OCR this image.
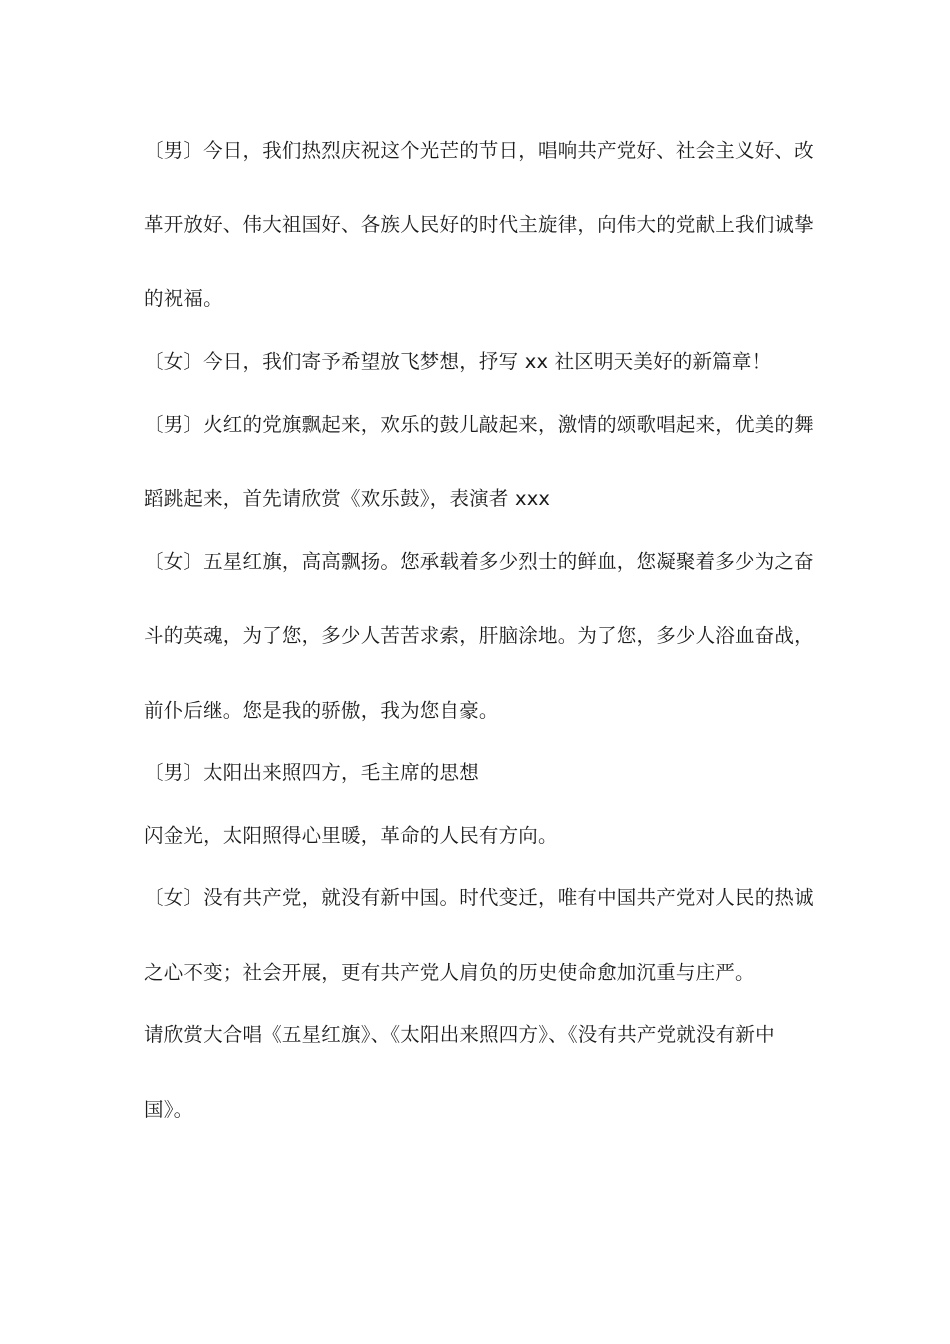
〔男〕今日，我们热烈庆祝这个光芒的节日，唱响共产党好、社会主义好、改
革开放好、伟大祖国好、各族人民好的时代主旋律，向伟大的党献上我们诚挚
的祝福。
〔女〕今日，我们寄予希望放飞梦想，抒写 xx 社区明天美好的新篇章！
〔男〕火红的党旗飘起来，欢乐的鼓儿敲起来，激情的颂歌唱起来，优美的舞
蹈跳起来，首先请欣赏《欢乐鼓》，表演者 xxx
〔女〕五星红旗，高高飘扬。您承载着多少烈士的鲜血，您凝聚着多少为之奋
斗的英魂，为了您，多少人苦苦求索，肝脑涂地。为了您，多少人浴血奋战，
前仆后继。您是我的骄傲，我为您自豪。
〔男〕太阳出来照四方，毛主席的思想
闪金光，太阳照得心里暖，革命的人民有方向。
〔女〕没有共产党，就没有新中国。时代变迁，唯有中国共产党对人民的热诚
之心不变；社会开展，更有共产党人肩负的历史使命愈加沉重与庄严。
请欣赏大合唱《五星红旗》、《太阳出来照四方》、《没有共产党就没有新中
国》。
